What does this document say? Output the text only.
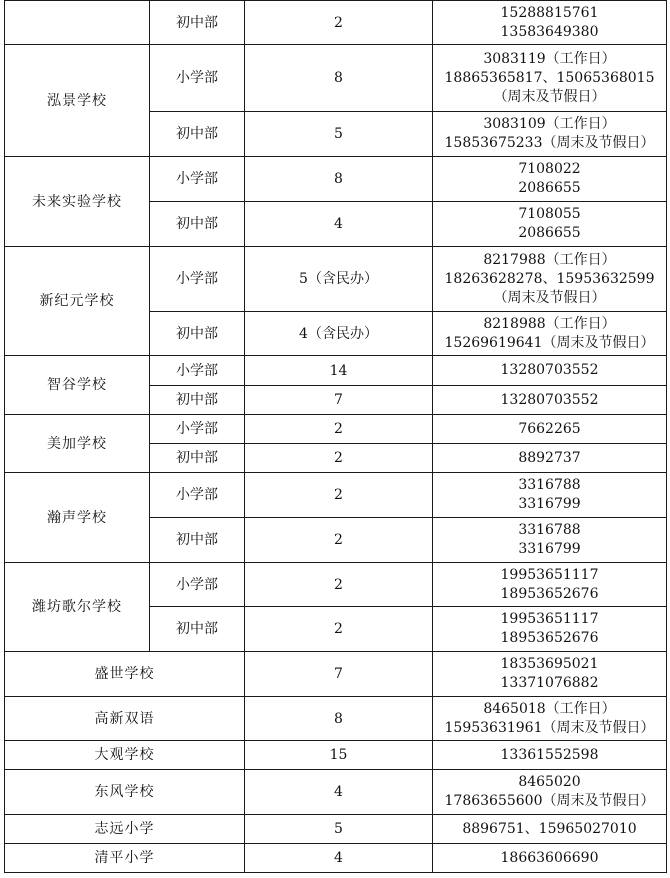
	初中部	2	15288815761
13583649380

泓景学校	小学部	8	3083119（工作日）
18865365817、15065368015
（周末及节假日）

	初中部	5	3083109（工作日）
15853675233（周末及节假日）

未来实验学校	小学部	8	7108022
2086655

	初中部	4	7108055
2086655

新纪元学校	小学部	5（含民办）	8217988（工作日）
18263628278、15953632599
（周末及节假日）

	初中部	4（含民办）	8218988（工作日）
15269619641（周末及节假日）

智谷学校	小学部	14	13280703552

	初中部	7	13280703552

美加学校	小学部	2	7662265

	初中部	2	8892737

瀚声学校	小学部	2	3316788
3316799

	初中部	2	3316788
3316799

潍坊歌尔学校	小学部	2	19953651117
18953652676

	初中部	2	19953651117
18953652676

盛世学校		7	18353695021
13371076882

高新双语		8	8465018（工作日）
15953631961（周末及节假日）

大观学校		15	13361552598

东风学校		4	8465020
17863655600（周末及节假日）

志远小学		5	8896751、15965027010

清平小学		4	18663606690
